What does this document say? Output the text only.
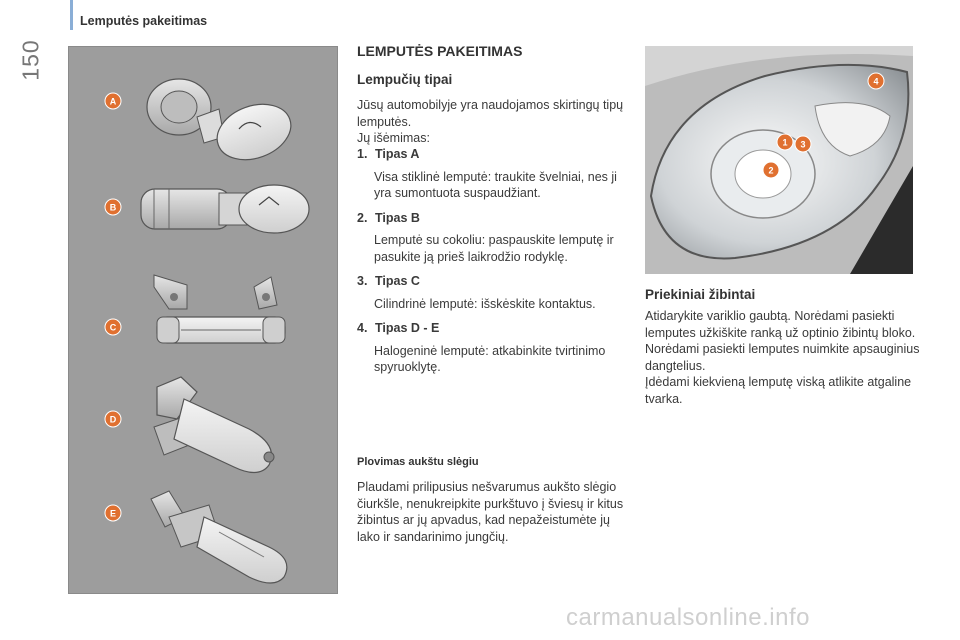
Lemputės pakeitimas
150
A
B
C
D
E
LEMPUTĖS PAKEITIMAS
Lempučių tipai

Jūsų automobilyje yra naudojamos skirtingų tipų lemputės.

Jų išėmimas:

1. Tipas A
Visa stiklinė lemputė: traukite švelniai, nes ji yra sumontuota suspaudžiant.
2. Tipas B
Lemputė su cokoliu: paspauskite lemputę ir pasukite ją prieš laikrodžio rodyklę.
3. Tipas C
Cilindrinė lemputė: išskėskite kontaktus.
4. Tipas D - E
Halogeninė lemputė: atkabinkite tvirtinimo spyruoklytę.
Plovimas aukštu slėgiu

Plaudami prilipusius nešvarumus aukšto slėgio čiurkšle, nenukreipkite purkštuvo į šviesų ir kitus žibintus ar jų apvadus, kad nepažeistumėte jų lako ir sandarinimo jungčių.

1
2
3
4
Priekiniai žibintai

Atidarykite variklio gaubtą. Norėdami pasiekti lemputes užkiškite ranką už optinio žibintų bloko.

Norėdami pasiekti lemputes nuimkite apsauginius dangtelius.

Įdėdami kiekvieną lemputę viską atlikite atgaline tvarka.

carmanualsonline.info
